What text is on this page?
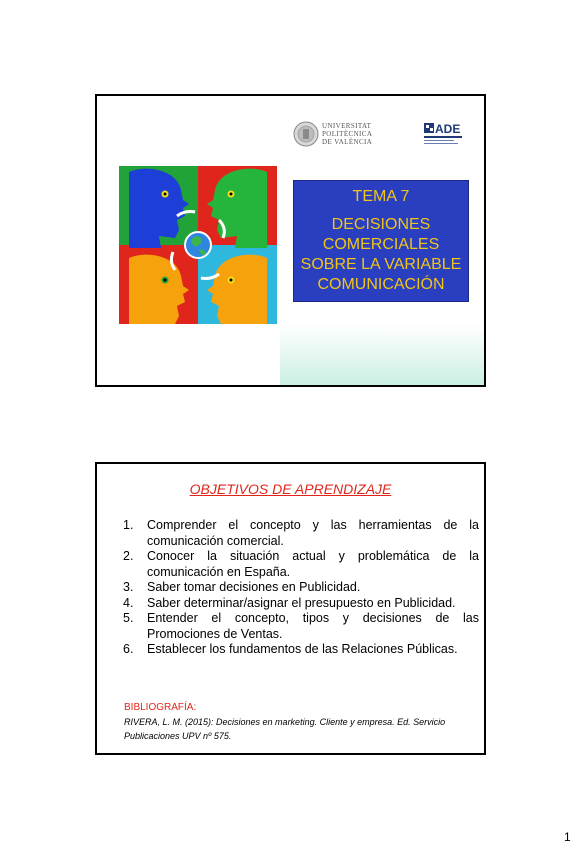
UNIVERSITAT
POLITÈCNICA
DE VALÈNCIA
ADE
TEMA 7
DECISIONES
COMERCIALES
SOBRE LA VARIABLE
COMUNICACIÓN
OBJETIVOS DE APRENDIZAJE
1.	Comprender el concepto y las herramientas de la comunicación comercial.
2.	Conocer la situación actual y problemática de la comunicación en España.
3.	Saber tomar decisiones en Publicidad.
4.	Saber determinar/asignar el presupuesto en Publicidad.
5.	Entender el concepto, tipos y decisiones de las Promociones de Ventas.
6.	Establecer los fundamentos de las Relaciones Públicas.
BIBLIOGRAFÍA:
RIVERA, L. M. (2015): Decisiones en marketing. Cliente y empresa. Ed. Servicio Publicaciones UPV nº 575.
1
